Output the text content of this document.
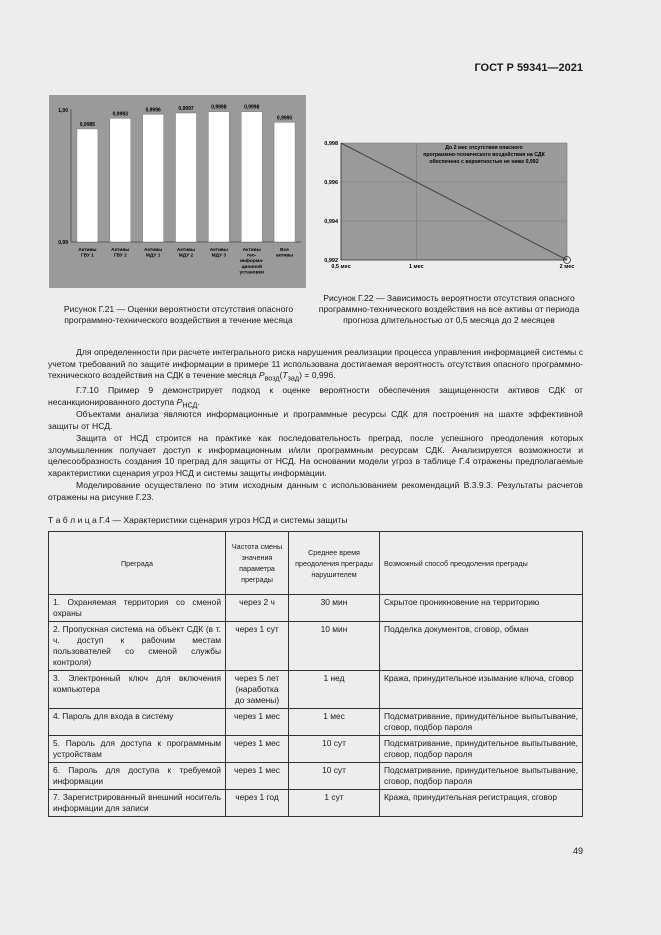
ГОСТ Р 59341—2021
1,00
0,99
0,9985
Активы ГВУ 1
0,9993
Активы ГВУ 2
0,9996
Активы МДУ 1
0,9997
Активы МДУ 2
0,9998
Активы МДУ 3
0,9998
Активы гео-информа-ционной установки
0,9990
Все активы
0,998
0,996
0,994
0,992
0,5 мес	1 мес	2 мес
До 2 мес отсутствия опасного программно-технического воздействия на СДК обеспечено с вероятностью не ниже 0,992
Рисунок Г.21 — Оценки вероятности отсутствия опасного программно-технического воздействия в течение месяца
Рисунок Г.22 — Зависимость вероятности отсутствия опасного программно-технического воздействия на все активы от периода прогноза длительностью от 0,5 месяца до 2 месяцев

Для определенности при расчете интегрального риска нарушения реализации процесса управления информацией системы с учетом требований по защите информации в примере 11 использована достигаемая вероятность отсутствия опасного программно-технического воздействия на СДК в течение месяца $P_{возд}(T_{зад}) = 0,996$.

Г.7.10 Пример 9 демонстрирует подход к оценке вероятности обеспечения защищенности активов СДК от несанкционированного доступа $P_{НСД}$.

Объектами анализа являются информационные и программные ресурсы СДК для построения на шахте эффективной защиты от НСД.

Защита от НСД строится на практике как последовательность преград, после успешного преодоления которых злоумышленник получает доступ к информационным и/или программным ресурсам СДК. Анализируется возможности и целесообразность создания 10 преград для защиты от НСД. На основании модели угроз в таблице Г.4 отражены предполагаемые характеристики сценария угроз НСД и системы защиты информации.

Моделирование осуществлено по этим исходным данным с использованием рекомендаций В.3.9.3. Результаты расчетов отражены на рисунке Г.23.

Т а б л и ц а Г.4 — Характеристики сценария угроз НСД и системы защиты
Преграда	Частота смены значения параметра преграды	Среднее время преодоления преграды нарушителем	Возможный способ преодоления преграды
1. Охраняемая территория со сменой охраны	через 2 ч	30 мин	Скрытое проникновение на территорию
2. Пропускная система на объект СДК (в т. ч. доступ к рабочим местам пользователей со сменой службы контроля)	через 1 сут	10 мин	Подделка документов, сговор, обман
3. Электронный ключ для включения компьютера	через 5 лет (наработка до замены)	1 нед	Кража, принудительное изымание ключа, сговор
4. Пароль для входа в систему	через 1 мес	1 мес	Подсматривание, принудительное выпытывание, сговор, подбор пароля
5. Пароль для доступа к программным устройствам	через 1 мес	10 сут	Подсматривание, принудительное выпытывание, сговор, подбор пароля
6. Пароль для доступа к требуемой информации	через 1 мес	10 сут	Подсматривание, принудительное выпытывание, сговор, подбор пароля
7. Зарегистрированный внешний носитель информации для записи	через 1 год	1 сут	Кража, принудительная регистрация, сговор
49
